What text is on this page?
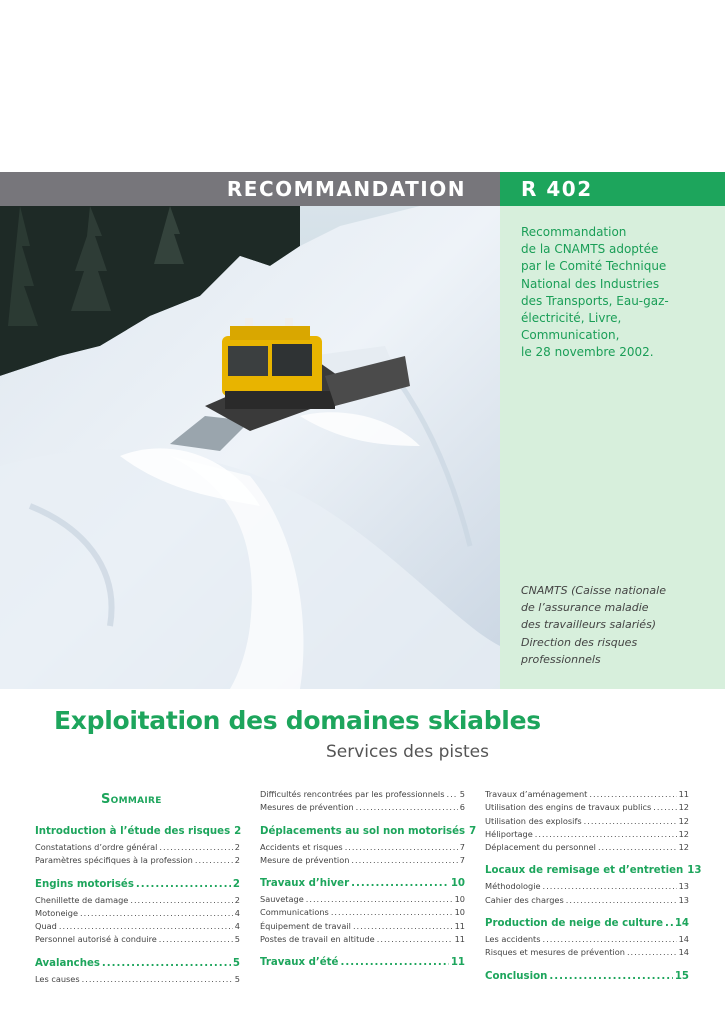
RECOMMANDATION	R 402
Recommandation
de la CNAMTS adoptée
par le Comité Technique
National des Industries
des Transports, Eau-gaz-
électricité, Livre,
Communication,
le 28 novembre 2002.
CNAMTS (Caisse nationale
de l’assurance maladie
des travailleurs salariés)
Direction des risques
professionnels
Exploitation des domaines skiables
Services des pistes
Sommaire
Introduction à l’étude des risques 2
Constatations d’ordre général .....	2
Paramètres spécifiques à la profession .....	2
Engins motorisés .....	2
Chenillette de damage .....	2
Motoneige .....	4
Quad .....	4
Personnel autorisé à conduire .....	5
Avalanches .....	5
Les causes .....	5
Difficultés rencontrées par les professionnels ..... 5
Mesures de prévention .....	6
Déplacements au sol non motorisés 7
Accidents et risques .....	7
Mesure de prévention .....	7
Travaux d’hiver .....	10
Sauvetage .....	10
Communications .....	10
Équipement de travail .....	11
Postes de travail en altitude .....	11
Travaux d’été .....	11
Travaux d’aménagement .....	11
Utilisation des engins de travaux publics .....	12
Utilisation des explosifs .....	12
Héliportage .....	12
Déplacement du personnel .....	12
Locaux de remisage et d’entretien 13
Méthodologie .....	13
Cahier des charges .....	13
Production de neige de culture ..... 14
Les accidents .....	14
Risques et mesures de prévention .....	14
Conclusion .....	15
